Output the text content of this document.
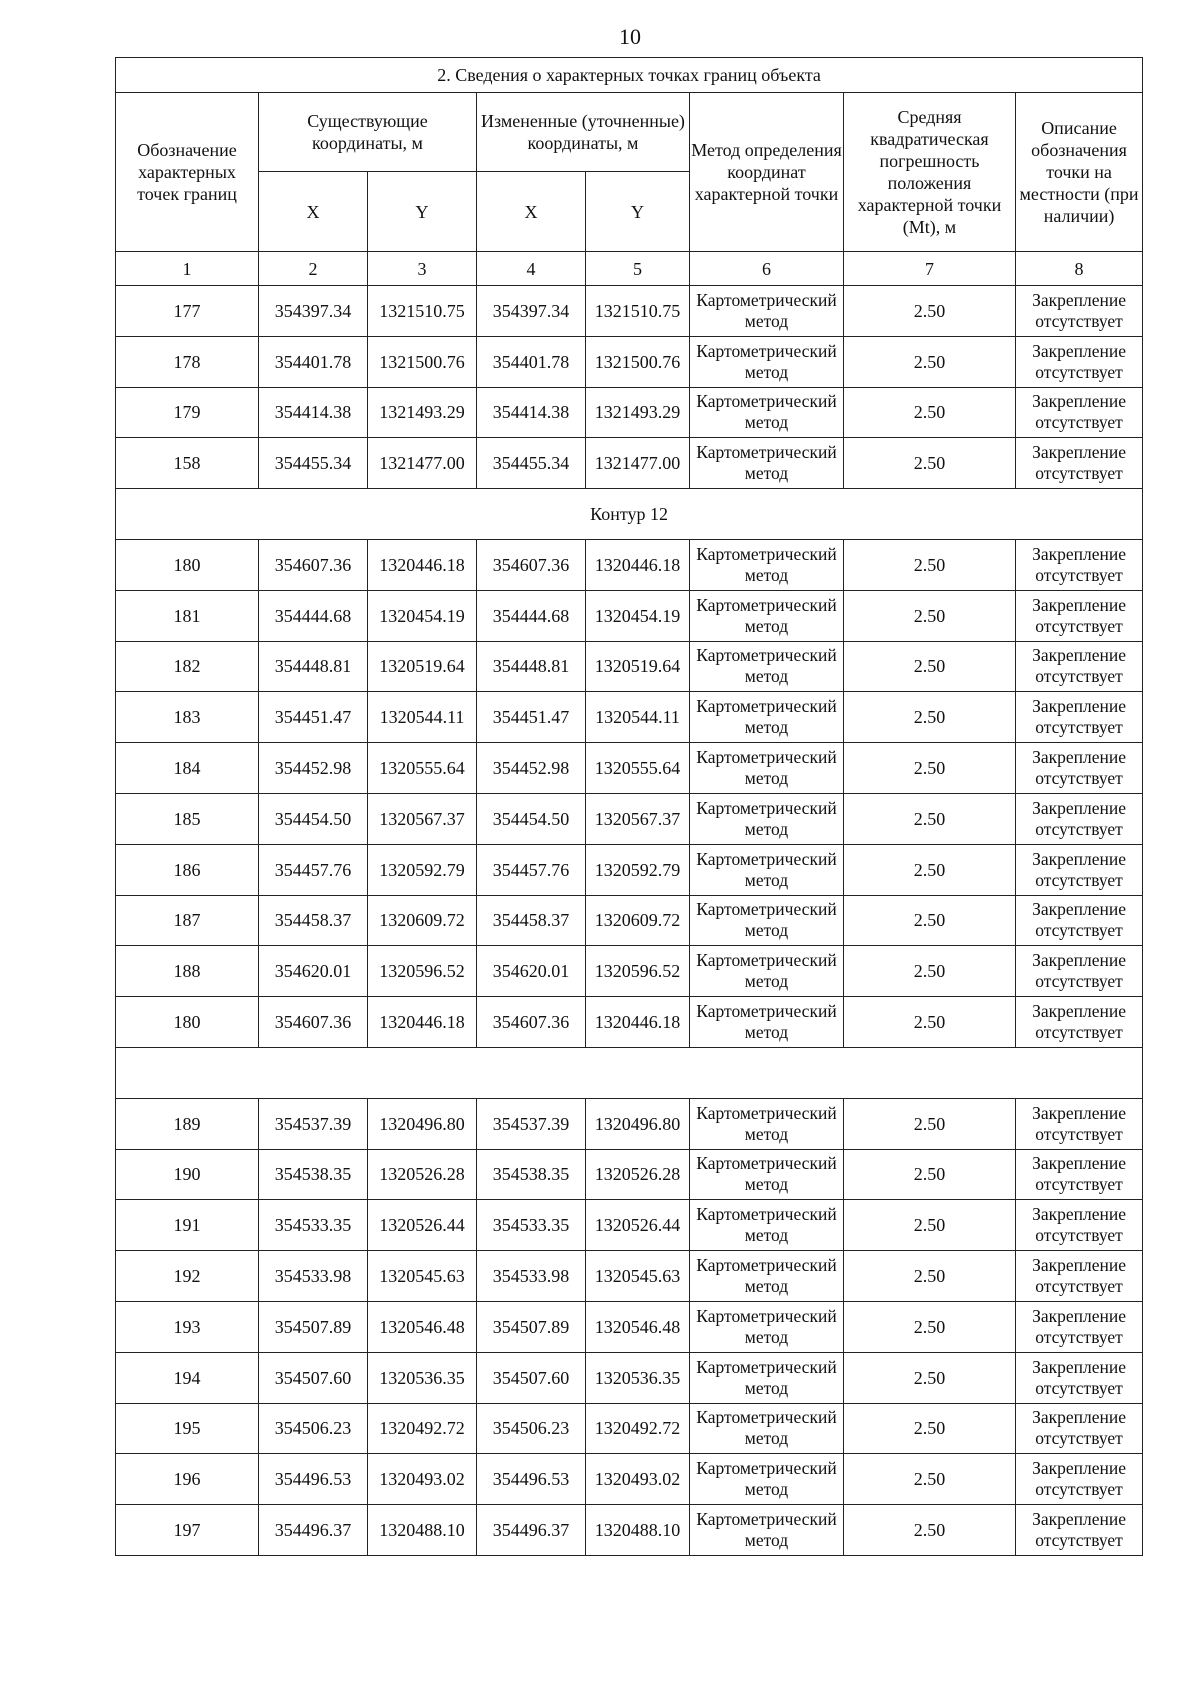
10
2. Сведения о характерных точках границ объекта							
Обозначение характерных точек границ	Существующие координаты, м		Измененные (уточненные) координаты, м		Метод определения координат характерной точки	Средняя квадратическая погрешность положения характерной точки (Mt), м	Описание обозначения точки на местности (при наличии)
	X	Y	X	Y			
1	2	3	4	5	6	7	8
177	354397.34	1321510.75	354397.34	1321510.75	Картометрический метод	2.50	Закрепление отсутствует
178	354401.78	1321500.76	354401.78	1321500.76	Картометрический метод	2.50	Закрепление отсутствует
179	354414.38	1321493.29	354414.38	1321493.29	Картометрический метод	2.50	Закрепление отсутствует
158	354455.34	1321477.00	354455.34	1321477.00	Картометрический метод	2.50	Закрепление отсутствует
Контур 12							
180	354607.36	1320446.18	354607.36	1320446.18	Картометрический метод	2.50	Закрепление отсутствует
181	354444.68	1320454.19	354444.68	1320454.19	Картометрический метод	2.50	Закрепление отсутствует
182	354448.81	1320519.64	354448.81	1320519.64	Картометрический метод	2.50	Закрепление отсутствует
183	354451.47	1320544.11	354451.47	1320544.11	Картометрический метод	2.50	Закрепление отсутствует
184	354452.98	1320555.64	354452.98	1320555.64	Картометрический метод	2.50	Закрепление отсутствует
185	354454.50	1320567.37	354454.50	1320567.37	Картометрический метод	2.50	Закрепление отсутствует
186	354457.76	1320592.79	354457.76	1320592.79	Картометрический метод	2.50	Закрепление отсутствует
187	354458.37	1320609.72	354458.37	1320609.72	Картометрический метод	2.50	Закрепление отсутствует
188	354620.01	1320596.52	354620.01	1320596.52	Картометрический метод	2.50	Закрепление отсутствует
180	354607.36	1320446.18	354607.36	1320446.18	Картометрический метод	2.50	Закрепление отсутствует

189	354537.39	1320496.80	354537.39	1320496.80	Картометрический метод	2.50	Закрепление отсутствует
190	354538.35	1320526.28	354538.35	1320526.28	Картометрический метод	2.50	Закрепление отсутствует
191	354533.35	1320526.44	354533.35	1320526.44	Картометрический метод	2.50	Закрепление отсутствует
192	354533.98	1320545.63	354533.98	1320545.63	Картометрический метод	2.50	Закрепление отсутствует
193	354507.89	1320546.48	354507.89	1320546.48	Картометрический метод	2.50	Закрепление отсутствует
194	354507.60	1320536.35	354507.60	1320536.35	Картометрический метод	2.50	Закрепление отсутствует
195	354506.23	1320492.72	354506.23	1320492.72	Картометрический метод	2.50	Закрепление отсутствует
196	354496.53	1320493.02	354496.53	1320493.02	Картометрический метод	2.50	Закрепление отсутствует
197	354496.37	1320488.10	354496.37	1320488.10	Картометрический метод	2.50	Закрепление отсутствует
